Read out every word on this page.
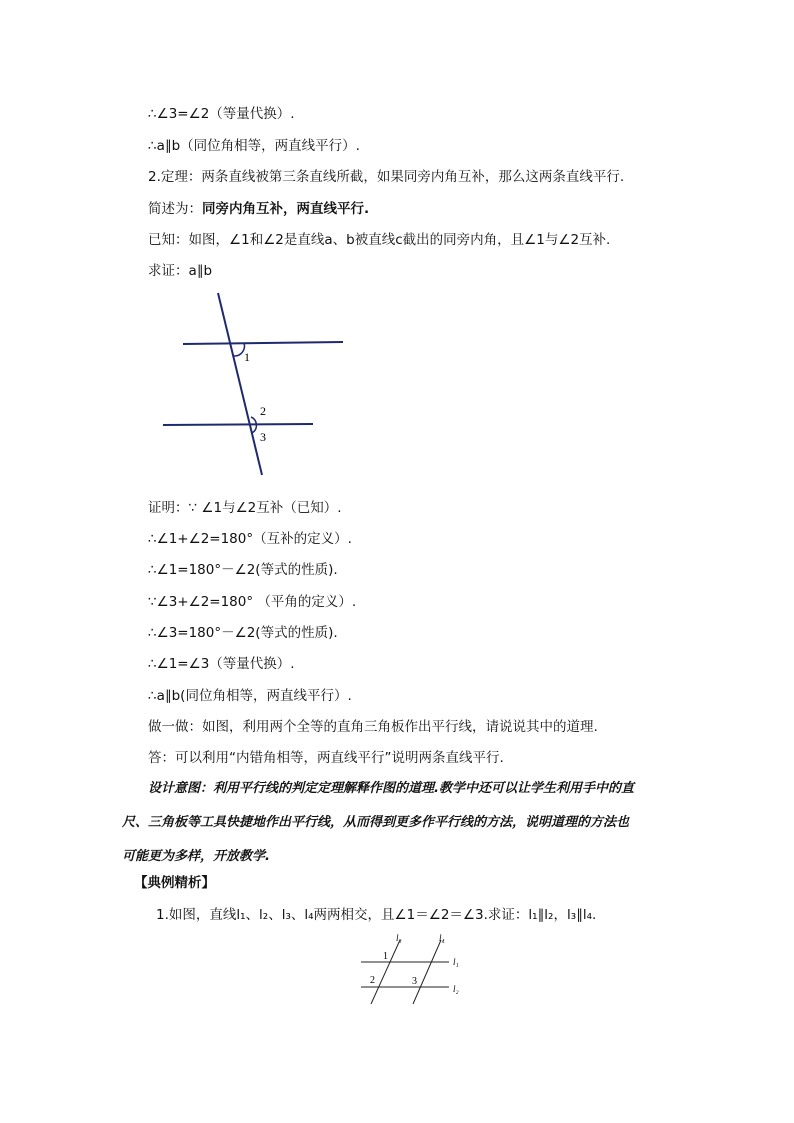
∴∠3=∠2（等量代换）.
∴a∥b（同位角相等，两直线平行）.
2.定理：两条直线被第三条直线所截，如果同旁内角互补，那么这两条直线平行.
简述为：同旁内角互补，两直线平行.
已知：如图，∠1和∠2是直线a、b被直线c截出的同旁内角，且∠1与∠2互补.
求证：a∥b
1
2
3
证明：∵ ∠1与∠2互补（已知）.
∴∠1+∠2=180°（互补的定义）.
∴∠1=180°－∠2(等式的性质).
∵∠3+∠2=180° （平角的定义）.
∴∠3=180°－∠2(等式的性质).
∴∠1=∠3（等量代换）.
∴a∥b(同位角相等，两直线平行）.
做一做：如图，利用两个全等的直角三角板作出平行线，请说说其中的道理.
答：可以利用“内错角相等，两直线平行”说明两条直线平行.
设计意图：利用平行线的判定定理解释作图的道理.教学中还可以让学生利用手中的直
尺、三角板等工具快捷地作出平行线，从而得到更多作平行线的方法，说明道理的方法也
可能更为多样，开放教学.
【典例精析】
1.如图，直线l₁、l₂、l₃、l₄两两相交，且∠1＝∠2＝∠3.求证：l₁∥l₂，l₃∥l₄.
l₃	l₄
l₁
l₂
1
2	3
